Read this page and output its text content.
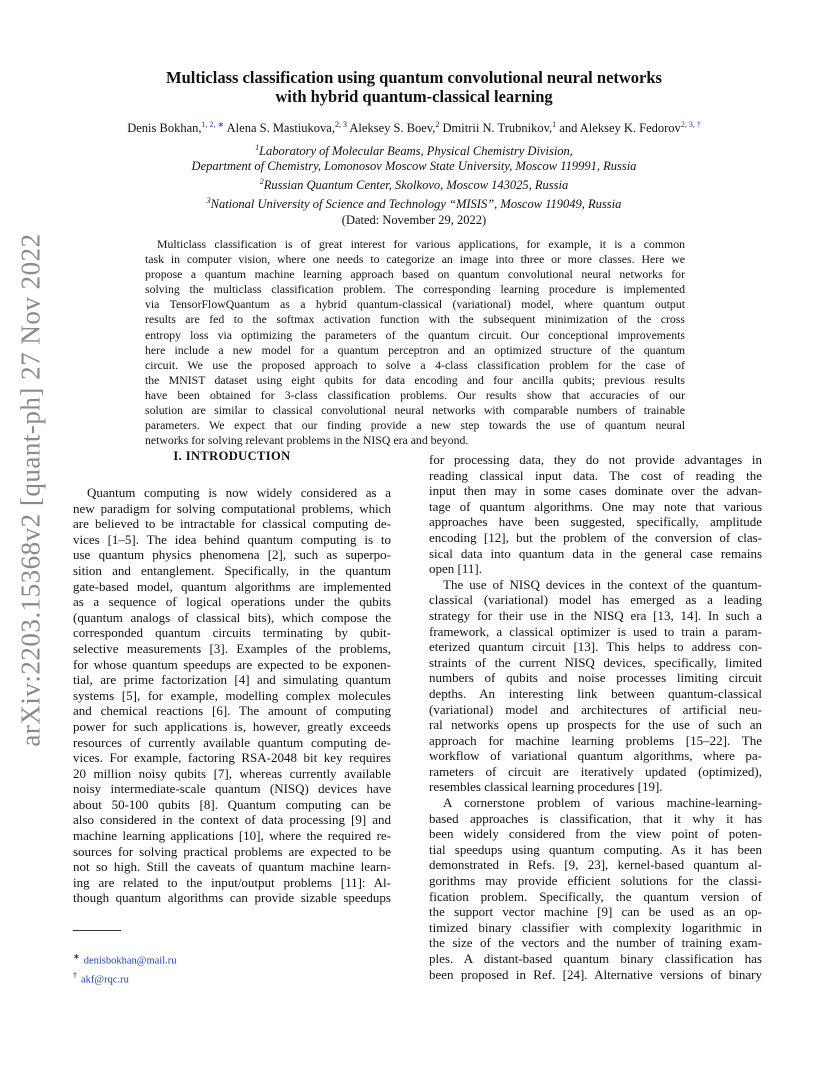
arXiv:2203.15368v2 [quant-ph] 27 Nov 2022
Multiclass classification using quantum convolutional neural networks
with hybrid quantum-classical learning
Denis Bokhan,$^{1, 2, ∗}$ Alena S. Mastiukova,$^{2, 3}$ Aleksey S. Boev,$^2$ Dmitrii N. Trubnikov,$^1$ and Aleksey K. Fedorov$^{2, 3, \dagger}$
$^1$Laboratory of Molecular Beams, Physical Chemistry Division,
Department of Chemistry, Lomonosov Moscow State University, Moscow 119991, Russia
$^2$Russian Quantum Center, Skolkovo, Moscow 143025, Russia
$^3$National University of Science and Technology “MISIS”, Moscow 119049, Russia
(Dated: November 29, 2022)
Multiclass classification is of great interest for various applications, for example, it is a common
task in computer vision, where one needs to categorize an image into three or more classes. Here we
propose a quantum machine learning approach based on quantum convolutional neural networks for
solving the multiclass classification problem. The corresponding learning procedure is implemented
via TensorFlowQuantum as a hybrid quantum-classical (variational) model, where quantum output
results are fed to the softmax activation function with the subsequent minimization of the cross
entropy loss via optimizing the parameters of the quantum circuit. Our conceptional improvements
here include a new model for a quantum perceptron and an optimized structure of the quantum
circuit. We use the proposed approach to solve a 4-class classification problem for the case of
the MNIST dataset using eight qubits for data encoding and four ancilla qubits; previous results
have been obtained for 3-class classification problems. Our results show that accuracies of our
solution are similar to classical convolutional neural networks with comparable numbers of trainable
parameters. We expect that our finding provide a new step towards the use of quantum neural
networks for solving relevant problems in the NISQ era and beyond.
I. INTRODUCTION
Quantum computing is now widely considered as a
new paradigm for solving computational problems, which
are believed to be intractable for classical computing de-
vices [1–5]. The idea behind quantum computing is to
use quantum physics phenomena [2], such as superpo-
sition and entanglement. Specifically, in the quantum
gate-based model, quantum algorithms are implemented
as a sequence of logical operations under the qubits
(quantum analogs of classical bits), which compose the
corresponded quantum circuits terminating by qubit-
selective measurements [3]. Examples of the problems,
for whose quantum speedups are expected to be exponen-
tial, are prime factorization [4] and simulating quantum
systems [5], for example, modelling complex molecules
and chemical reactions [6]. The amount of computing
power for such applications is, however, greatly exceeds
resources of currently available quantum computing de-
vices. For example, factoring RSA-2048 bit key requires
20 million noisy qubits [7], whereas currently available
noisy intermediate-scale quantum (NISQ) devices have
about 50-100 qubits [8]. Quantum computing can be
also considered in the context of data processing [9] and
machine learning applications [10], where the required re-
sources for solving practical problems are expected to be
not so high. Still the caveats of quantum machine learn-
ing are related to the input/output problems [11]: Al-
though quantum algorithms can provide sizable speedups
for processing data, they do not provide advantages in
reading classical input data. The cost of reading the
input then may in some cases dominate over the advan-
tage of quantum algorithms. One may note that various
approaches have been suggested, specifically, amplitude
encoding [12], but the problem of the conversion of clas-
sical data into quantum data in the general case remains
open [11].
The use of NISQ devices in the context of the quantum-
classical (variational) model has emerged as a leading
strategy for their use in the NISQ era [13, 14]. In such a
framework, a classical optimizer is used to train a param-
eterized quantum circuit [13]. This helps to address con-
straints of the current NISQ devices, specifically, limited
numbers of qubits and noise processes limiting circuit
depths. An interesting link between quantum-classical
(variational) model and architectures of artificial neu-
ral networks opens up prospects for the use of such an
approach for machine learning problems [15–22]. The
workflow of variational quantum algorithms, where pa-
rameters of circuit are iteratively updated (optimized),
resembles classical learning procedures [19].
A cornerstone problem of various machine-learning-
based approaches is classification, that it why it has
been widely considered from the view point of poten-
tial speedups using quantum computing. As it has been
demonstrated in Refs. [9, 23], kernel-based quantum al-
gorithms may provide efficient solutions for the classi-
fication problem. Specifically, the quantum version of
the support vector machine [9] can be used as an op-
timized binary classifier with complexity logarithmic in
the size of the vectors and the number of training exam-
ples. A distant-based quantum binary classification has
been proposed in Ref. [24]. Alternative versions of binary
∗ denisbokhan@mail.ru
† akf@rqc.ru
